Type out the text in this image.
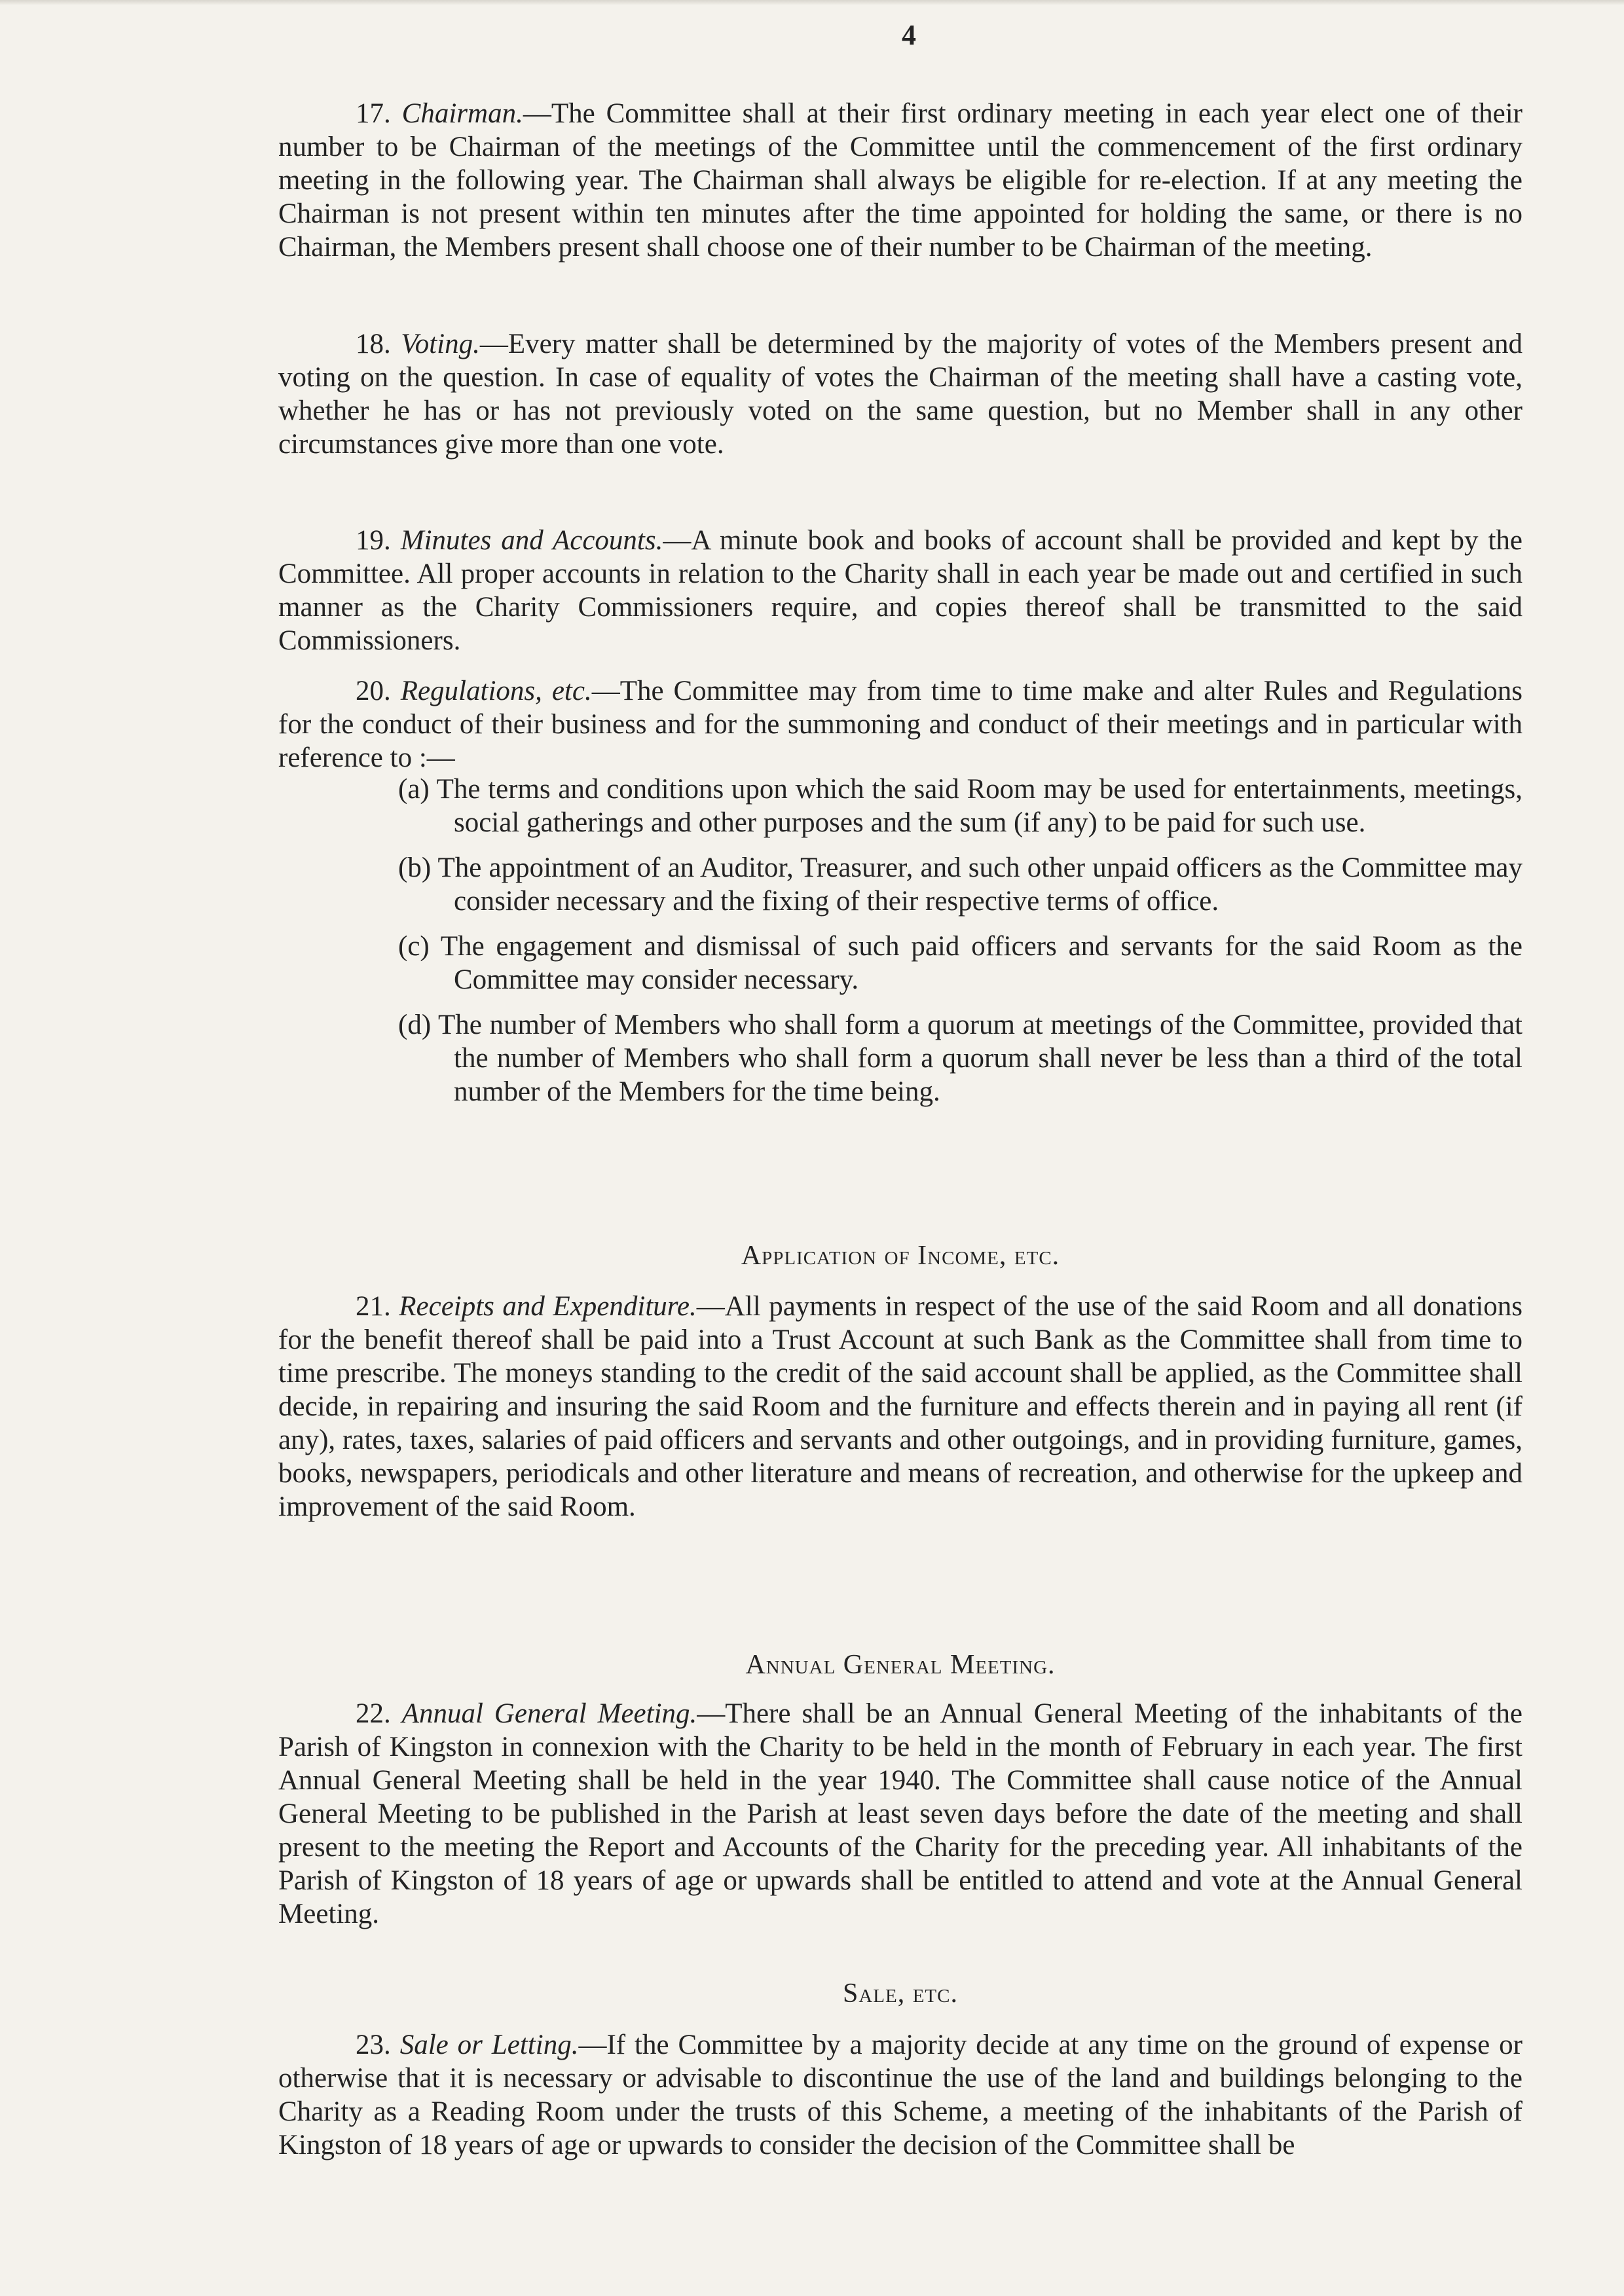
4

17. Chairman.—The Committee shall at their first ordinary meeting in each year elect one of their number to be Chairman of the meetings of the Committee until the commencement of the first ordinary meeting in the following year. The Chairman shall always be eligible for re-election. If at any meeting the Chairman is not present within ten minutes after the time appointed for holding the same, or there is no Chairman, the Members present shall choose one of their number to be Chairman of the meeting.

18. Voting.—Every matter shall be determined by the majority of votes of the Members present and voting on the question. In case of equality of votes the Chairman of the meeting shall have a casting vote, whether he has or has not previously voted on the same question, but no Member shall in any other circumstances give more than one vote.

19. Minutes and Accounts.—A minute book and books of account shall be provided and kept by the Committee. All proper accounts in relation to the Charity shall in each year be made out and certified in such manner as the Charity Commissioners require, and copies thereof shall be transmitted to the said Commissioners.

20. Regulations, etc.—The Committee may from time to time make and alter Rules and Regulations for the conduct of their business and for the summoning and conduct of their meetings and in particular with reference to :—

(a) The terms and conditions upon which the said Room may be used for entertainments, meetings, social gatherings and other purposes and the sum (if any) to be paid for such use.

(b) The appointment of an Auditor, Treasurer, and such other unpaid officers as the Committee may consider necessary and the fixing of their respective terms of office.

(c) The engagement and dismissal of such paid officers and servants for the said Room as the Committee may consider necessary.

(d) The number of Members who shall form a quorum at meetings of the Committee, provided that the number of Members who shall form a quorum shall never be less than a third of the total number of the Members for the time being.

Application of Income, etc.

21. Receipts and Expenditure.—All payments in respect of the use of the said Room and all donations for the benefit thereof shall be paid into a Trust Account at such Bank as the Committee shall from time to time prescribe. The moneys standing to the credit of the said account shall be applied, as the Committee shall decide, in repairing and insuring the said Room and the furniture and effects therein and in paying all rent (if any), rates, taxes, salaries of paid officers and servants and other outgoings, and in providing furniture, games, books, newspapers, periodicals and other literature and means of recreation, and otherwise for the upkeep and improvement of the said Room.

Annual General Meeting.

22. Annual General Meeting.—There shall be an Annual General Meeting of the inhabitants of the Parish of Kingston in connexion with the Charity to be held in the month of February in each year. The first Annual General Meeting shall be held in the year 1940. The Committee shall cause notice of the Annual General Meeting to be published in the Parish at least seven days before the date of the meeting and shall present to the meeting the Report and Accounts of the Charity for the preceding year. All inhabitants of the Parish of Kingston of 18 years of age or upwards shall be entitled to attend and vote at the Annual General Meeting.

Sale, etc.

23. Sale or Letting.—If the Committee by a majority decide at any time on the ground of expense or otherwise that it is necessary or advisable to discontinue the use of the land and buildings belonging to the Charity as a Reading Room under the trusts of this Scheme, a meeting of the inhabitants of the Parish of Kingston of 18 years of age or upwards to consider the decision of the Committee shall be
